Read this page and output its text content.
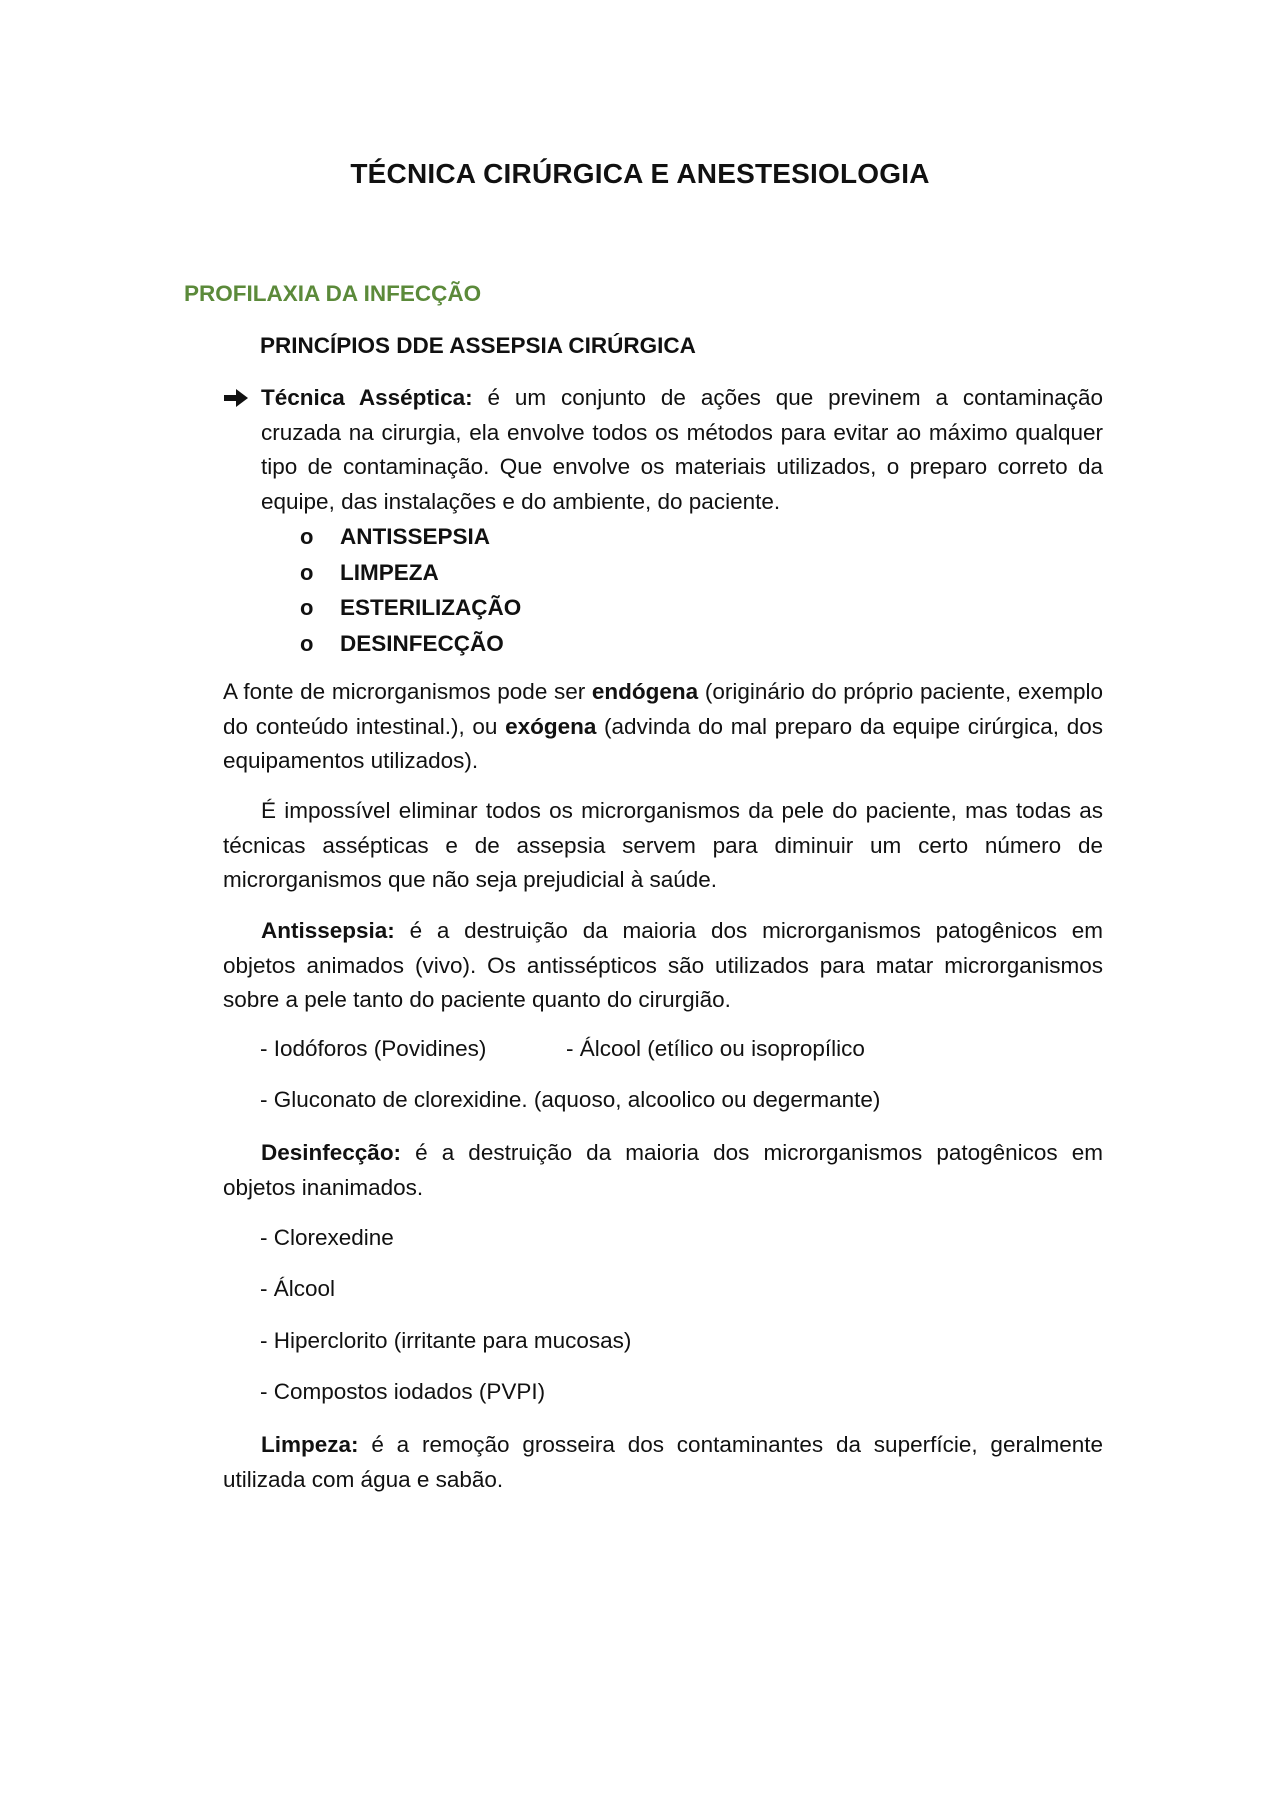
TÉCNICA CIRÚRGICA E ANESTESIOLOGIA
PROFILAXIA DA INFECÇÃO
PRINCÍPIOS DDE ASSEPSIA CIRÚRGICA
Técnica Asséptica: é um conjunto de ações que previnem a contaminação cruzada na cirurgia, ela envolve todos os métodos para evitar ao máximo qualquer tipo de contaminação. Que envolve os materiais utilizados, o preparo correto da equipe, das instalações e do ambiente, do paciente.
o	ANTISSEPSIA
o	LIMPEZA
o	ESTERILIZAÇÃO
o	DESINFECÇÃO
A fonte de microrganismos pode ser endógena (originário do próprio paciente, exemplo do conteúdo intestinal.), ou exógena (advinda do mal preparo da equipe cirúrgica, dos equipamentos utilizados).
É impossível eliminar todos os microrganismos da pele do paciente, mas todas as técnicas assépticas e de assepsia servem para diminuir um certo número de microrganismos que não seja prejudicial à saúde.
Antissepsia: é a destruição da maioria dos microrganismos patogênicos em objetos animados (vivo). Os antissépticos são utilizados para matar microrganismos sobre a pele tanto do paciente quanto do cirurgião.
- Iodóforos (Povidines)	- Álcool (etílico ou isopropílico
- Gluconato de clorexidine. (aquoso, alcoolico ou degermante)
Desinfecção: é a destruição da maioria dos microrganismos patogênicos em objetos inanimados.
- Clorexedine
- Álcool
- Hiperclorito (irritante para mucosas)
- Compostos iodados (PVPI)
Limpeza: é a remoção grosseira dos contaminantes da superfície, geralmente utilizada com água e sabão.
